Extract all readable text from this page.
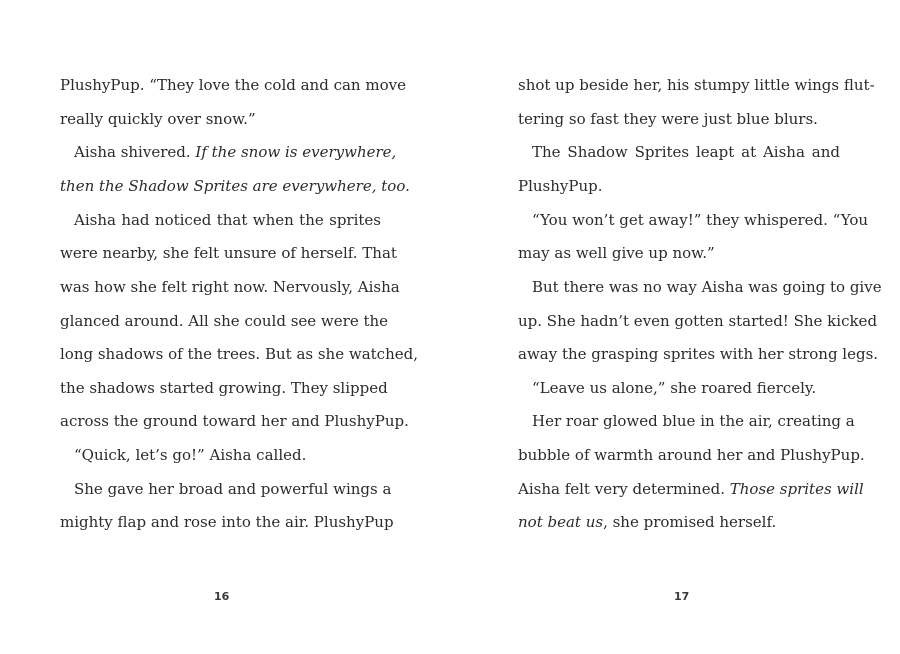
PlushyPup. “They love the cold and can move
really quickly over snow.”
Aisha shivered. If the snow is everywhere,
then the Shadow Sprites are everywhere, too.
Aisha had noticed that when the sprites
were nearby, she felt unsure of herself. That
was how she felt right now. Nervously, Aisha
glanced around. All she could see were the
long shadows of the trees. But as she watched,
the shadows started growing. They slipped
across the ground toward her and PlushyPup.
“Quick, let’s go!” Aisha called.
She gave her broad and powerful wings a
mighty flap and rose into the air. PlushyPup
16
shot up beside her, his stumpy little wings flut-
tering so fast they were just blue blurs.
The Shadow Sprites leapt at Aisha and
PlushyPup.
“You won’t get away!” they whispered. “You
may as well give up now.”
But there was no way Aisha was going to give
up. She hadn’t even gotten started! She kicked
away the grasping sprites with her strong legs.
“Leave us alone,” she roared fiercely.
Her roar glowed blue in the air, creating a
bubble of warmth around her and PlushyPup.
Aisha felt very determined. Those sprites will
not beat us, she promised herself.
17
